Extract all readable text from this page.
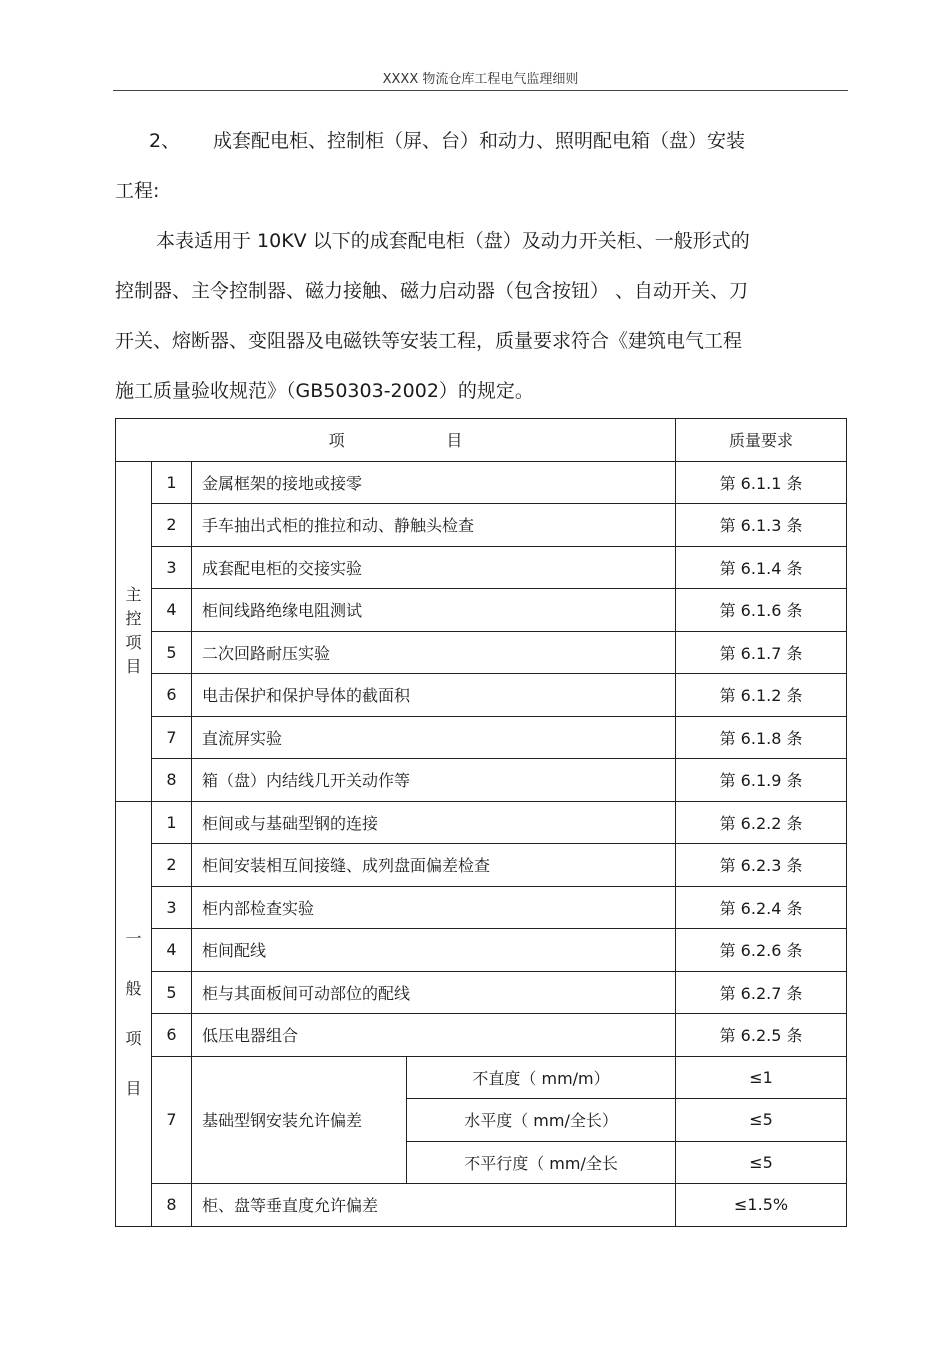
XXXX 物流仓库工程电气监理细则
2、 成套配电柜、控制柜（屏、台）和动力、照明配电箱（盘）安装
工程:
本表适用于 10KV 以下的成套配电柜（盘）及动力开关柜、一般形式的
控制器、主令控制器、磁力接触、磁力启动器（包含按钮） 、自动开关、刀
开关、熔断器、变阻器及电磁铁等安装工程，质量要求符合《建筑电气工程
施工质量验收规范》（GB50303-2002）的规定。
项                    目				质量要求

主
控
项
目	1	金属框架的接地或接零		第 6.1.1 条
	2	手车抽出式柜的推拉和动、静触头检查		第 6.1.3 条
	3	成套配电柜的交接实验		第 6.1.4 条
	4	柜间线路绝缘电阻测试		第 6.1.6 条
	5	二次回路耐压实验		第 6.1.7 条
	6	电击保护和保护导体的截面积		第 6.1.2 条
	7	直流屏实验		第 6.1.8 条
	8	箱（盘）内结线几开关动作等		第 6.1.9 条

一
般
项
目	1	柜间或与基础型钢的连接		第 6.2.2 条
	2	柜间安装相互间接缝、成列盘面偏差检查		第 6.2.3 条
	3	柜内部检查实验		第 6.2.4 条
	4	柜间配线		第 6.2.6 条
	5	柜与其面板间可动部位的配线		第 6.2.7 条
	6	低压电器组合		第 6.2.5 条
	7	基础型钢安装允许偏差	不直度（ mm/m）	≤1
			水平度（ mm/全长）	≤5
			不平行度（ mm/全长	≤5
	8	柜、盘等垂直度允许偏差		≤1.5%
